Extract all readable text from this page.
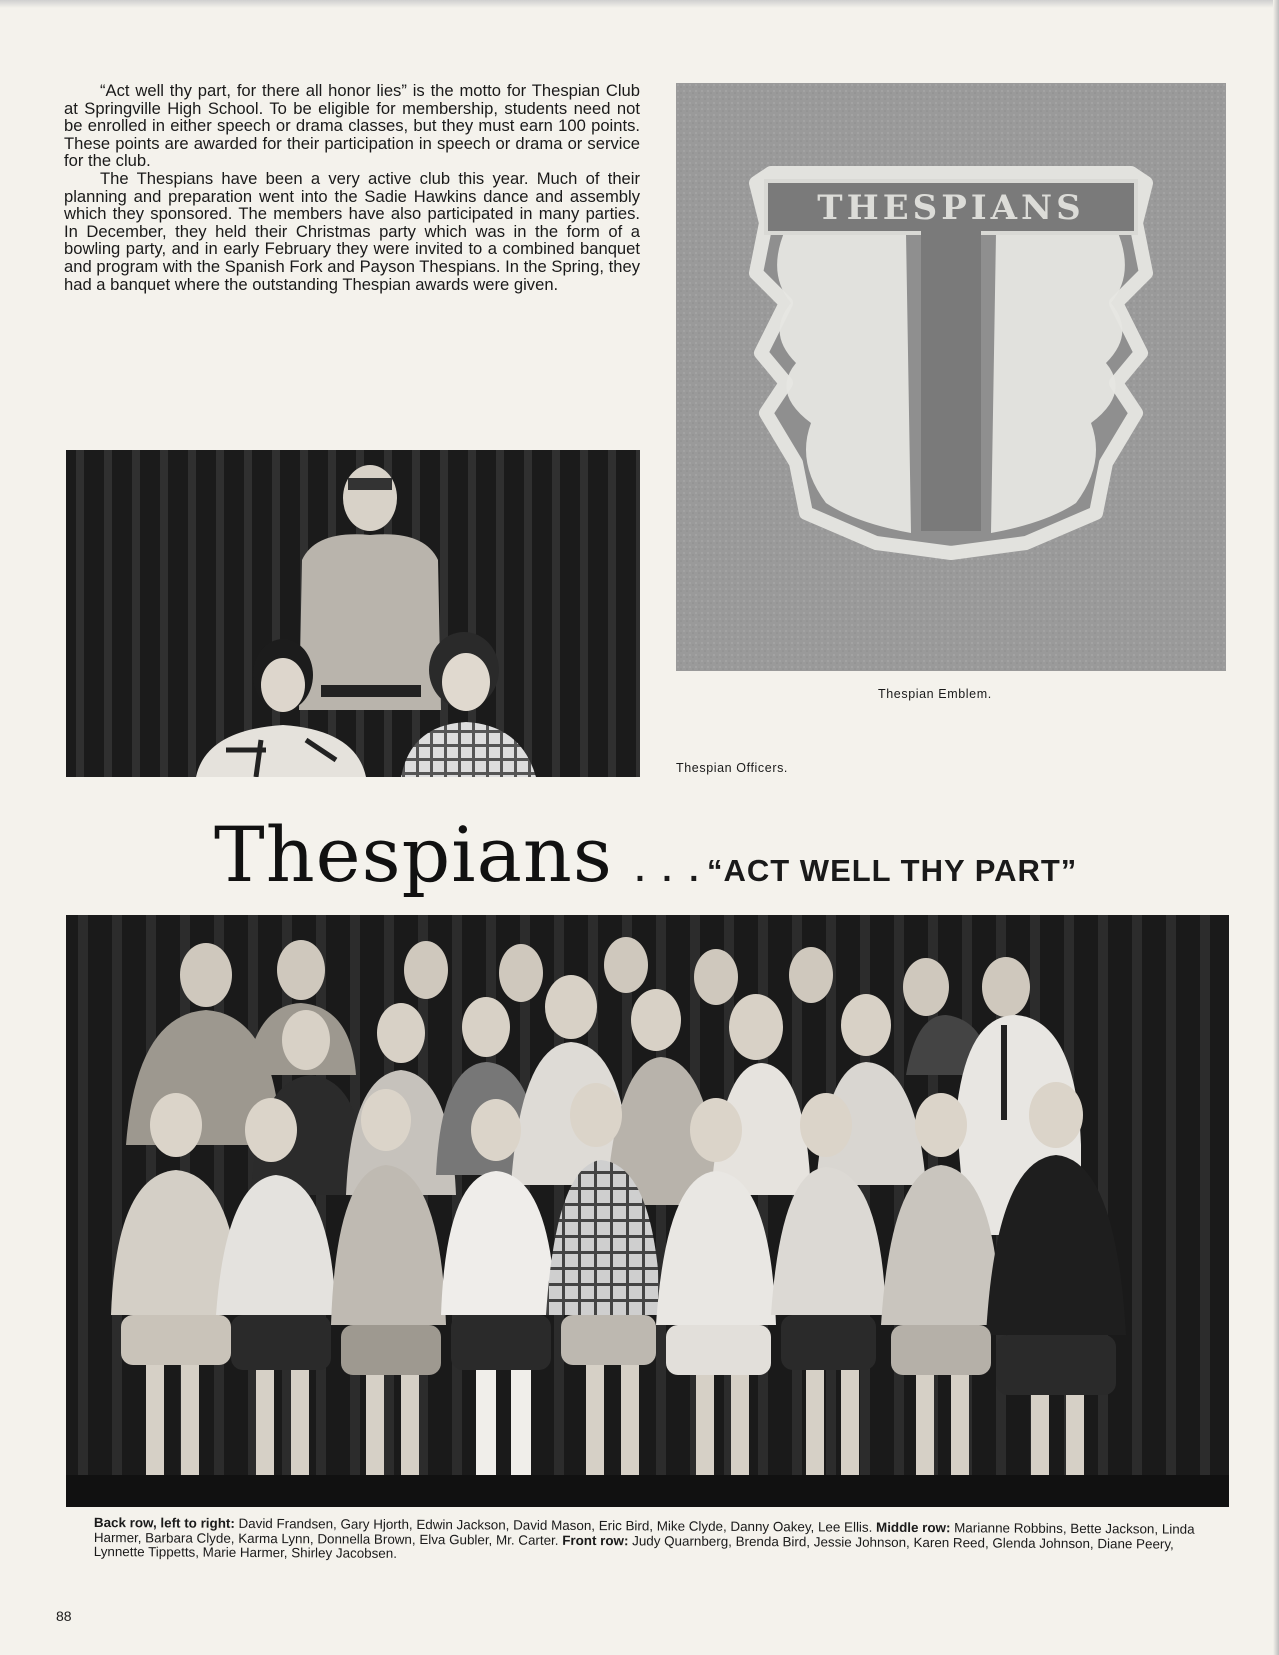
“Act well thy part, for there all honor lies” is the motto for Thespian Club at Springville High School. To be eligible for membership, students need not be enrolled in either speech or drama classes, but they must earn 100 points. These points are awarded for their participation in speech or drama or service for the club.

The Thespians have been a very active club this year. Much of their planning and preparation went into the Sadie Hawkins dance and assembly which they sponsored. The members have also participated in many parties. In December, they held their Christmas party which was in the form of a bowling party, and in early February they were invited to a combined banquet and program with the Spanish Fork and Payson Thespians. In the Spring, they had a banquet where the outstanding Thespian awards were given.

THESPIANS
Thespian Emblem.
Thespian Officers.
Thespians . . . “ACT WELL THY PART”

Back row, left to right: David Frandsen, Gary Hjorth, Edwin Jackson, David Mason, Eric Bird, Mike Clyde, Danny Oakey, Lee Ellis. Middle row: Marianne Robbins, Bette Jackson, Linda Harmer, Barbara Clyde, Karma Lynn, Donnella Brown, Elva Gubler, Mr. Carter. Front row: Judy Quarnberg, Brenda Bird, Jessie Johnson, Karen Reed, Glenda Johnson, Diane Peery, Lynnette Tippetts, Marie Harmer, Shirley Jacobsen.

88
